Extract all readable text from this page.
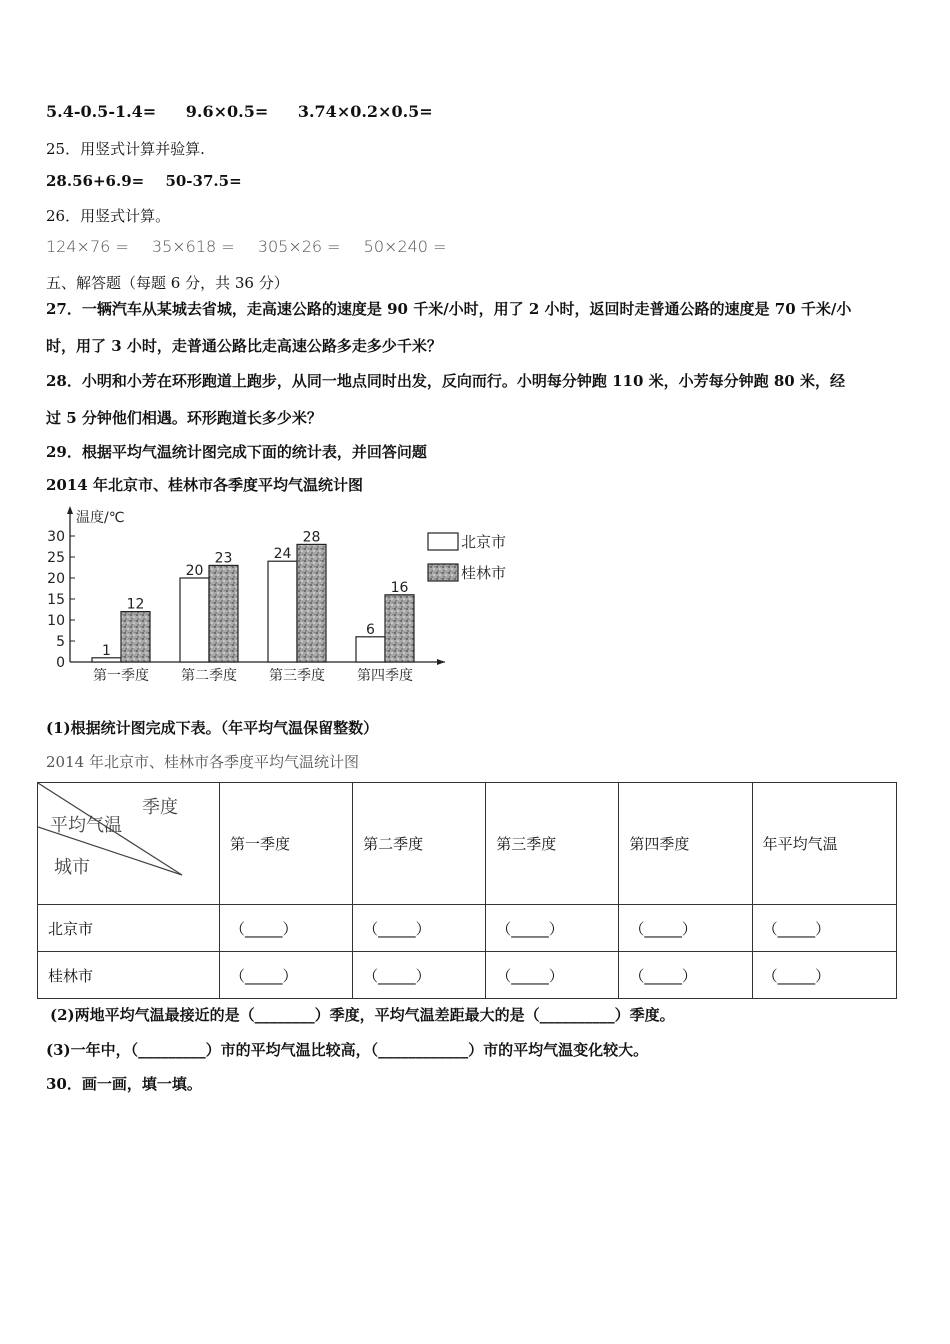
5.4-0.5-1.4= 9.6×0.5= 3.74×0.2×0.5=
25．用竖式计算并验算.
28.56+6.9= 50-37.5=
26．用竖式计算。
124×76 = 35×618 = 305×26 = 50×240 =
五、解答题（每题 6 分，共 36 分）
27．一辆汽车从某城去省城，走高速公路的速度是 90 千米/小时，用了 2 小时，返回时走普通公路的速度是 70 千米/小
时，用了 3 小时，走普通公路比走高速公路多走多少千米？
28．小明和小芳在环形跑道上跑步，从同一地点同时出发，反向而行。小明每分钟跑 110 米，小芳每分钟跑 80 米，经
过 5 分钟他们相遇。环形跑道长多少米？
29．根据平均气温统计图完成下面的统计表，并回答问题
2014 年北京市、桂林市各季度平均气温统计图
温度/℃
0
5
10
15
20
25
30
1
12
第一季度
20
23
第二季度
24
28
第三季度
6
16
第四季度
北京市
桂林市
(1)根据统计图完成下表。（年平均气温保留整数）
2014 年北京市、桂林市各季度平均气温统计图
季度
平均气温
城市	第一季度	第二季度	第三季度	第四季度	年平均气温
北京市	（_____）	（_____）	（_____）	（_____）	（_____）
桂林市	（_____）	（_____）	（_____）	（_____）	（_____）
(2)两地平均气温最接近的是（________）季度，平均气温差距最大的是（__________）季度。
(3)一年中，（_________）市的平均气温比较高，（____________）市的平均气温变化较大。
30．画一画，填一填。
